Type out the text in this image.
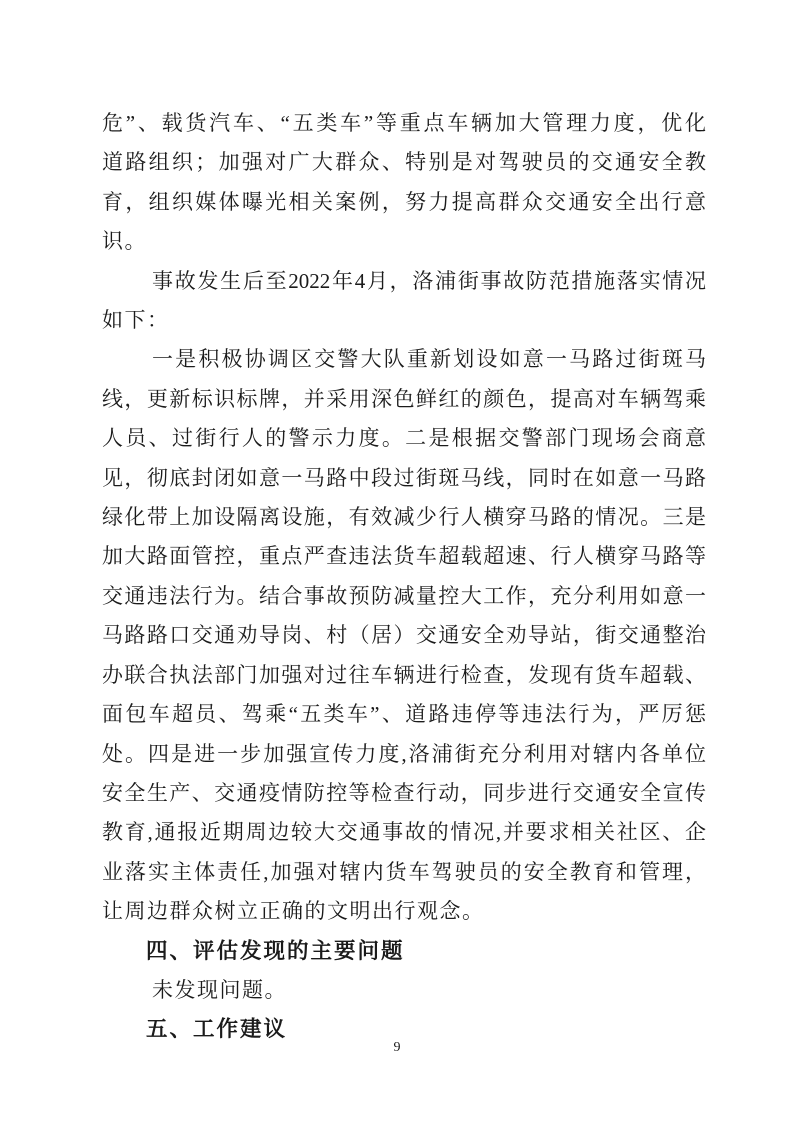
危”、载货汽车、“五类车”等重点车辆加大管理力度，优化
道路组织；加强对广大群众、特别是对驾驶员的交通安全教
育，组织媒体曝光相关案例，努力提高群众交通安全出行意
识。
事故发生后至2022年4月，洛浦街事故防范措施落实情况
如下：
一是积极协调区交警大队重新划设如意一马路过街斑马
线，更新标识标牌，并采用深色鲜红的颜色，提高对车辆驾乘
人员、过街行人的警示力度。二是根据交警部门现场会商意
见，彻底封闭如意一马路中段过街斑马线，同时在如意一马路
绿化带上加设隔离设施，有效减少行人横穿马路的情况。三是
加大路面管控，重点严查违法货车超载超速、行人横穿马路等
交通违法行为。结合事故预防减量控大工作，充分利用如意一
马路路口交通劝导岗、村（居）交通安全劝导站，街交通整治
办联合执法部门加强对过往车辆进行检查，发现有货车超载、
面包车超员、驾乘“五类车”、道路违停等违法行为，严厉惩
处。四是进一步加强宣传力度,洛浦街充分利用对辖内各单位
安全生产、交通疫情防控等检查行动，同步进行交通安全宣传
教育,通报近期周边较大交通事故的情况,并要求相关社区、企
业落实主体责任,加强对辖内货车驾驶员的安全教育和管理，
让周边群众树立正确的文明出行观念。
四、评估发现的主要问题
未发现问题。
五、工作建议
9
